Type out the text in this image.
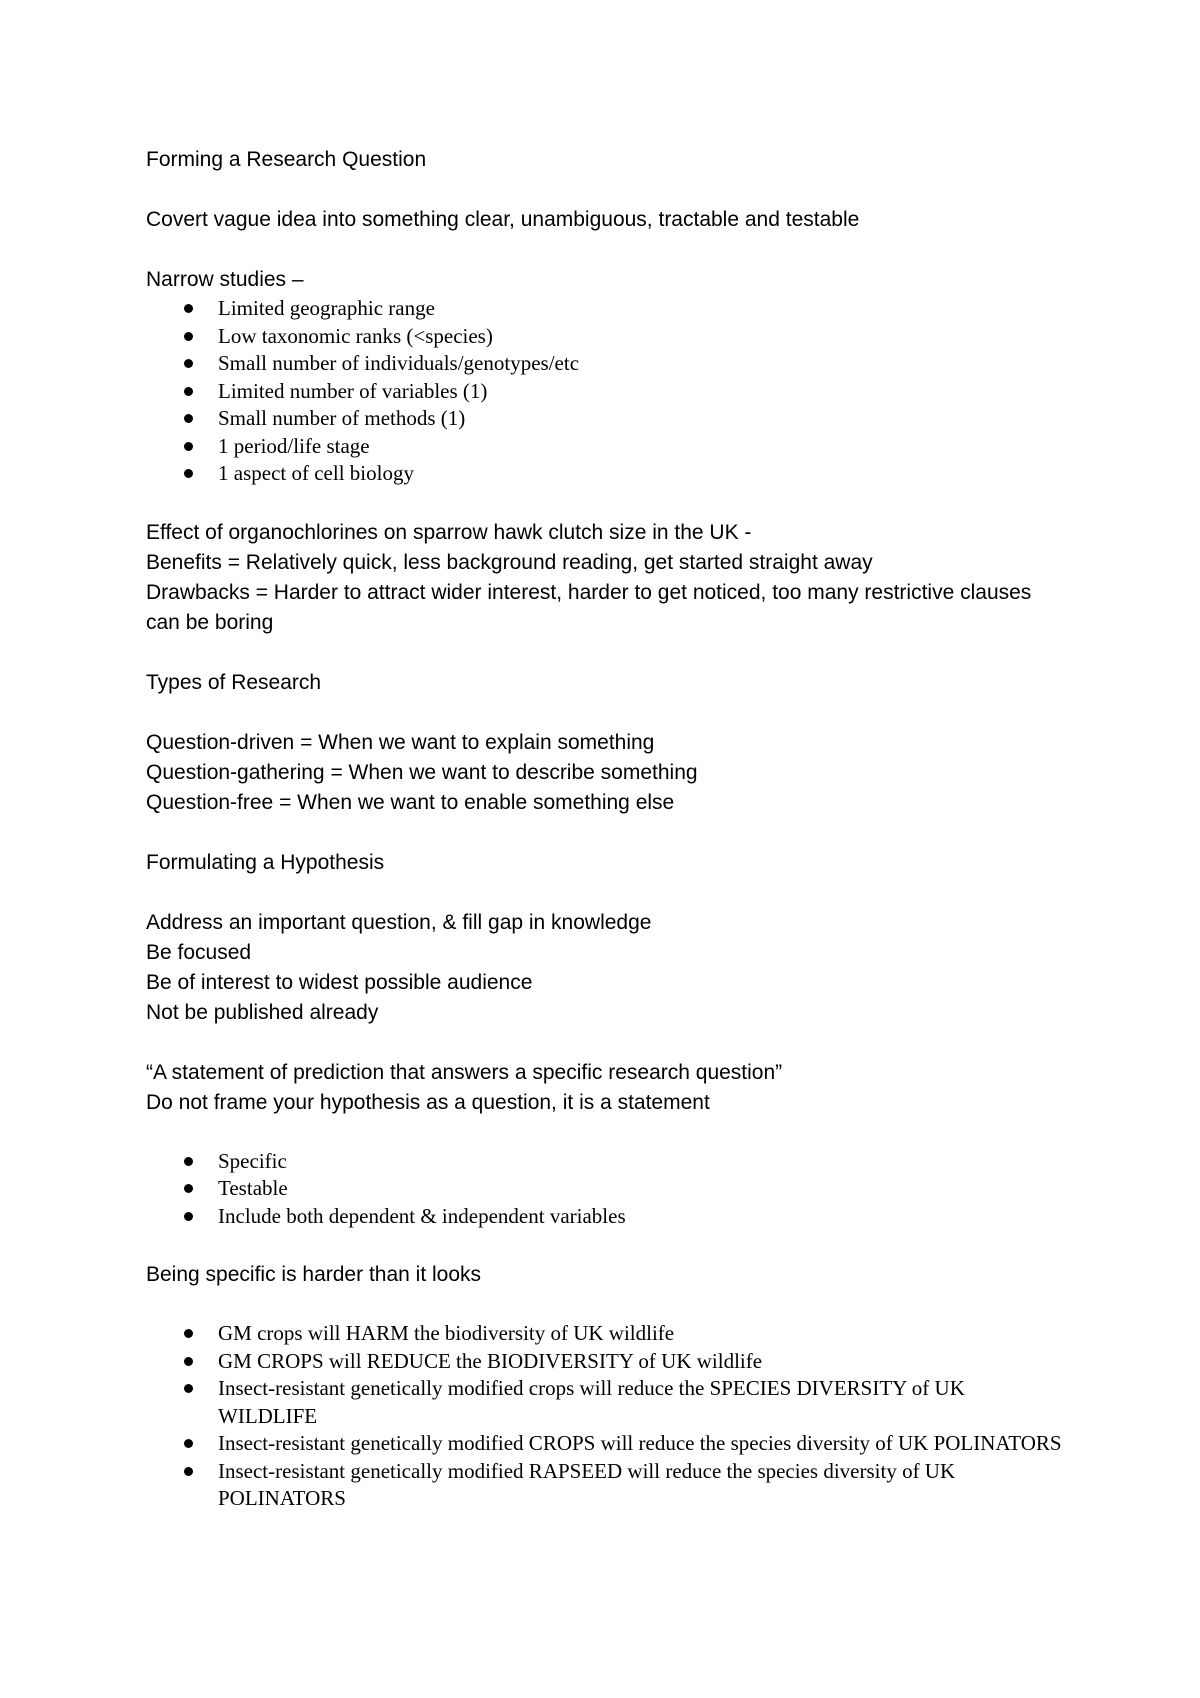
Forming a Research Question

Covert vague idea into something clear, unambiguous, tractable and testable

Narrow studies –

Limited geographic range
Low taxonomic ranks (<species)
Small number of individuals/genotypes/etc
Limited number of variables (1)
Small number of methods (1)
1 period/life stage
1 aspect of cell biology

Effect of organochlorines on sparrow hawk clutch size in the UK -

Benefits = Relatively quick, less background reading, get started straight away

Drawbacks = Harder to attract wider interest, harder to get noticed, too many restrictive clauses can be boring

Types of Research

Question-driven = When we want to explain something

Question-gathering = When we want to describe something

Question-free = When we want to enable something else

Formulating a Hypothesis

Address an important question, & fill gap in knowledge

Be focused

Be of interest to widest possible audience

Not be published already

“A statement of prediction that answers a specific research question”

Do not frame your hypothesis as a question, it is a statement

Specific
Testable
Include both dependent & independent variables

Being specific is harder than it looks

GM crops will HARM the biodiversity of UK wildlife
GM CROPS will REDUCE the BIODIVERSITY of UK wildlife
Insect-resistant genetically modified crops will reduce the SPECIES DIVERSITY of UK WILDLIFE
Insect-resistant genetically modified CROPS will reduce the species diversity of UK POLINATORS
Insect-resistant genetically modified RAPSEED will reduce the species diversity of UK POLINATORS
